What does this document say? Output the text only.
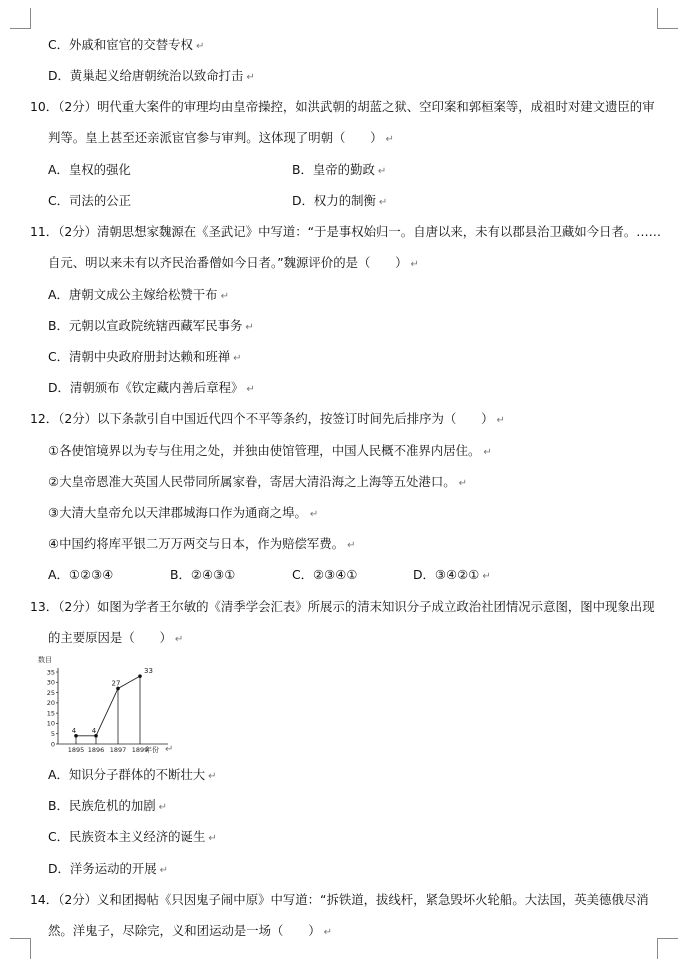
C．外戚和宦官的交替专权 ↵
D．黄巢起义给唐朝统治以致命打击 ↵
10．（2分）明代重大案件的审理均由皇帝操控，如洪武朝的胡蓝之狱、空印案和郭桓案等，成祖时对建文遗臣的审
判等。皇上甚至还亲派宦官参与审判。这体现了明朝（　　） ↵
A．皇权的强化	B．皇帝的勤政 ↵
C．司法的公正	D．权力的制衡 ↵
11．（2分）清朝思想家魏源在《圣武记》中写道：“于是事权始归一。自唐以来，未有以郡县治卫藏如今日者。……
自元、明以来未有以齐民治番僧如今日者。”魏源评价的是（　　） ↵
A．唐朝文成公主嫁给松赞干布 ↵
B．元朝以宣政院统辖西藏军民事务 ↵
C．清朝中央政府册封达赖和班禅 ↵
D．清朝颁布《钦定藏内善后章程》 ↵
12．（2分）以下条款引自中国近代四个不平等条约，按签订时间先后排序为（　　） ↵
①各使馆境界以为专与住用之处，并独由使馆管理，中国人民概不准界内居住。 ↵
②大皇帝恩准大英国人民带同所属家眷，寄居大清沿海之上海等五处港口。 ↵
③大清大皇帝允以天津郡城海口作为通商之埠。 ↵
④中国约将库平银二万万两交与日本，作为赔偿军费。 ↵
A．①②③④	B．②④③①	C．②③④①	D．③④②① ↵
13．（2分）如图为学者王尔敏的《清季学会汇表》所展示的清末知识分子成立政治社团情况示意图，图中现象出现
的主要原因是（　　） ↵
数目
0
5
10
15
20
25
30
35
1895 1896 1897 1899
4 4
27
33
年份 ↵
A．知识分子群体的不断壮大 ↵
B．民族危机的加剧 ↵
C．民族资本主义经济的诞生 ↵
D．洋务运动的开展 ↵
14．（2分）义和团揭帖《只因鬼子闹中原》中写道：“拆铁道，拔线杆，紧急毁坏火轮船。大法国，英美德俄尽消
然。洋鬼子，尽除完，义和团运动是一场（　　） ↵
